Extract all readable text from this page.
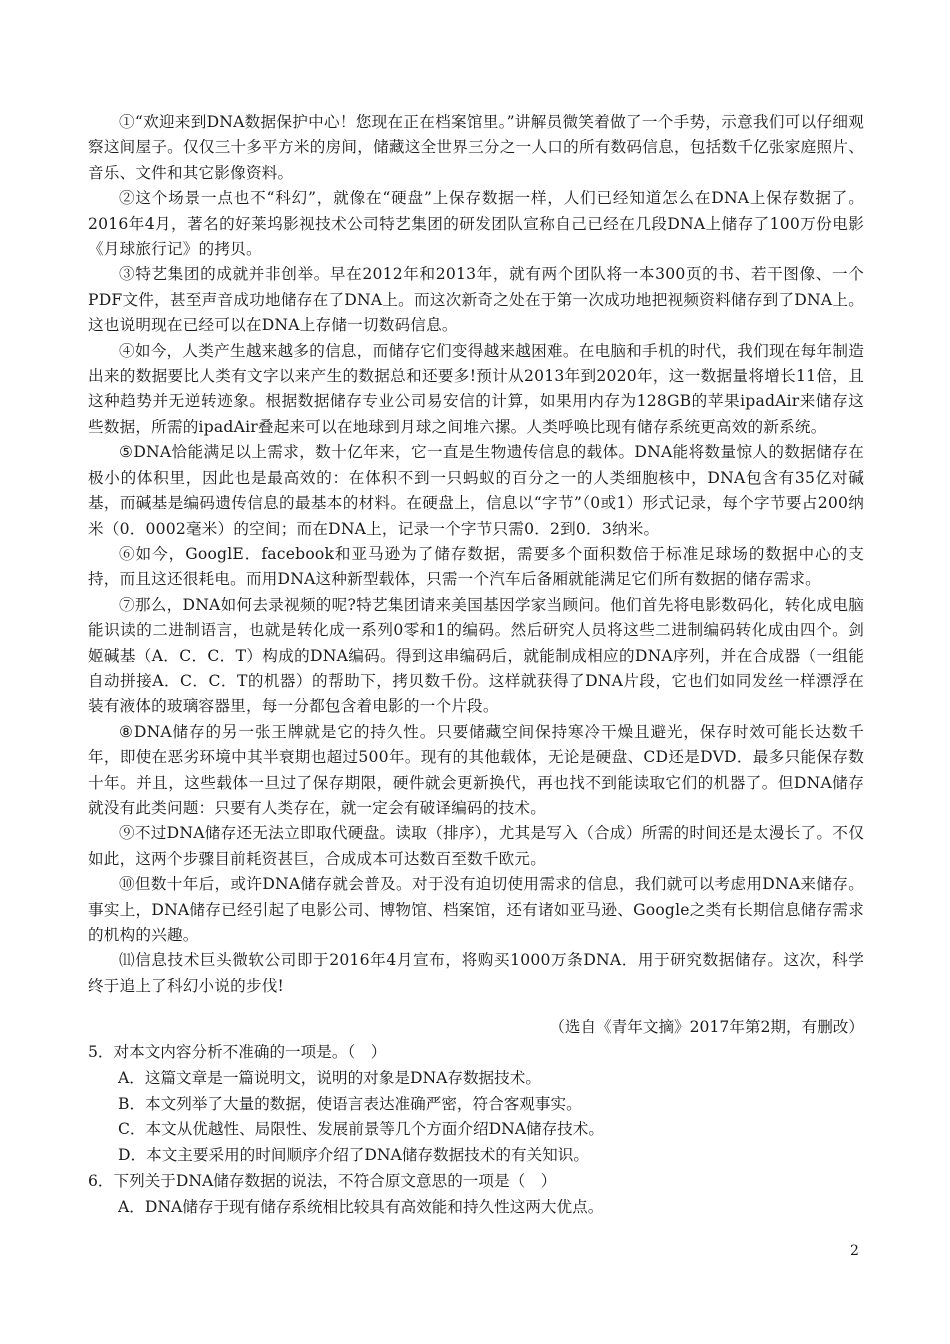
①“欢迎来到DNA数据保护中心！您现在正在档案馆里。”讲解员微笑着做了一个手势，示意我们可以仔细观察这间屋子。仅仅三十多平方米的房间，储藏这全世界三分之一人口的所有数码信息，包括数千亿张家庭照片、音乐、文件和其它影像资料。

②这个场景一点也不“科幻”，就像在“硬盘”上保存数据一样，人们已经知道怎么在DNA上保存数据了。2016年4月，著名的好莱坞影视技术公司特艺集团的研发团队宣称自己已经在几段DNA上储存了100万份电影《月球旅行记》的拷贝。

③特艺集团的成就并非创举。早在2012年和2013年，就有两个团队将一本300页的书、若干图像、一个PDF文件，甚至声音成功地储存在了DNA上。而这次新奇之处在于第一次成功地把视频资料储存到了DNA上。这也说明现在已经可以在DNA上存储一切数码信息。

④如今，人类产生越来越多的信息，而储存它们变得越来越困难。在电脑和手机的时代，我们现在每年制造出来的数据要比人类有文字以来产生的数据总和还要多!预计从2013年到2020年，这一数据量将增长11倍，且这种趋势并无逆转迹象。根据数据储存专业公司易安信的计算，如果用内存为128GB的苹果ipadAir来储存这些数据，所需的ipadAir叠起来可以在地球到月球之间堆六摞。人类呼唤比现有储存系统更高效的新系统。

⑤DNA恰能满足以上需求，数十亿年来，它一直是生物遗传信息的载体。DNA能将数量惊人的数据储存在极小的体积里，因此也是最高效的：在体积不到一只蚂蚁的百分之一的人类细胞核中，DNA包含有35亿对碱基，而碱基是编码遗传信息的最基本的材料。在硬盘上，信息以“字节”（0或1）形式记录，每个字节要占200纳米（0．0002毫米）的空间；而在DNA上，记录一个字节只需0．2到0．3纳米。

⑥如今，GooglE．facebook和亚马逊为了储存数据，需要多个面积数倍于标准足球场的数据中心的支持，而且这还很耗电。而用DNA这种新型载体，只需一个汽车后备厢就能满足它们所有数据的储存需求。

⑦那么，DNA如何去录视频的呢?特艺集团请来美国基因学家当顾问。他们首先将电影数码化，转化成电脑能识读的二进制语言，也就是转化成一系列0零和1的编码。然后研究人员将这些二进制编码转化成由四个。剑姬碱基（A．C．C．T）构成的DNA编码。得到这串编码后，就能制成相应的DNA序列，并在合成器（一组能自动拼接A．C．C．T的机器）的帮助下，拷贝数千份。这样就获得了DNA片段，它也们如同发丝一样漂浮在装有液体的玻璃容器里，每一分都包含着电影的一个片段。

⑧DNA储存的另一张王牌就是它的持久性。只要储藏空间保持寒冷干燥且避光，保存时效可能长达数千年，即使在恶劣环境中其半衰期也超过500年。现有的其他载体，无论是硬盘、CD还是DVD．最多只能保存数十年。并且，这些载体一旦过了保存期限，硬件就会更新换代，再也找不到能读取它们的机器了。但DNA储存就没有此类问题：只要有人类存在，就一定会有破译编码的技术。

⑨不过DNA储存还无法立即取代硬盘。读取（排序），尤其是写入（合成）所需的时间还是太漫长了。不仅如此，这两个步骤目前耗资甚巨，合成成本可达数百至数千欧元。

⑩但数十年后，或许DNA储存就会普及。对于没有迫切使用需求的信息，我们就可以考虑用DNA来储存。事实上，DNA储存已经引起了电影公司、博物馆、档案馆，还有诸如亚马逊、Google之类有长期信息储存需求的机构的兴趣。

⑾信息技术巨头微软公司即于2016年4月宣布，将购买1000万条DNA．用于研究数据储存。这次，科学终于追上了科幻小说的步伐!

（选自《青年文摘》2017年第2期，有删改）

5．对本文内容分析不准确的一项是。（　）

A．这篇文章是一篇说明文，说明的对象是DNA存数据技术。

B．本文列举了大量的数据，使语言表达准确严密，符合客观事实。

C．本文从优越性、局限性、发展前景等几个方面介绍DNA储存技术。

D．本文主要采用的时间顺序介绍了DNA储存数据技术的有关知识。

6．下列关于DNA储存数据的说法，不符合原文意思的一项是（　）

A．DNA储存于现有储存系统相比较具有高效能和持久性这两大优点。

2
